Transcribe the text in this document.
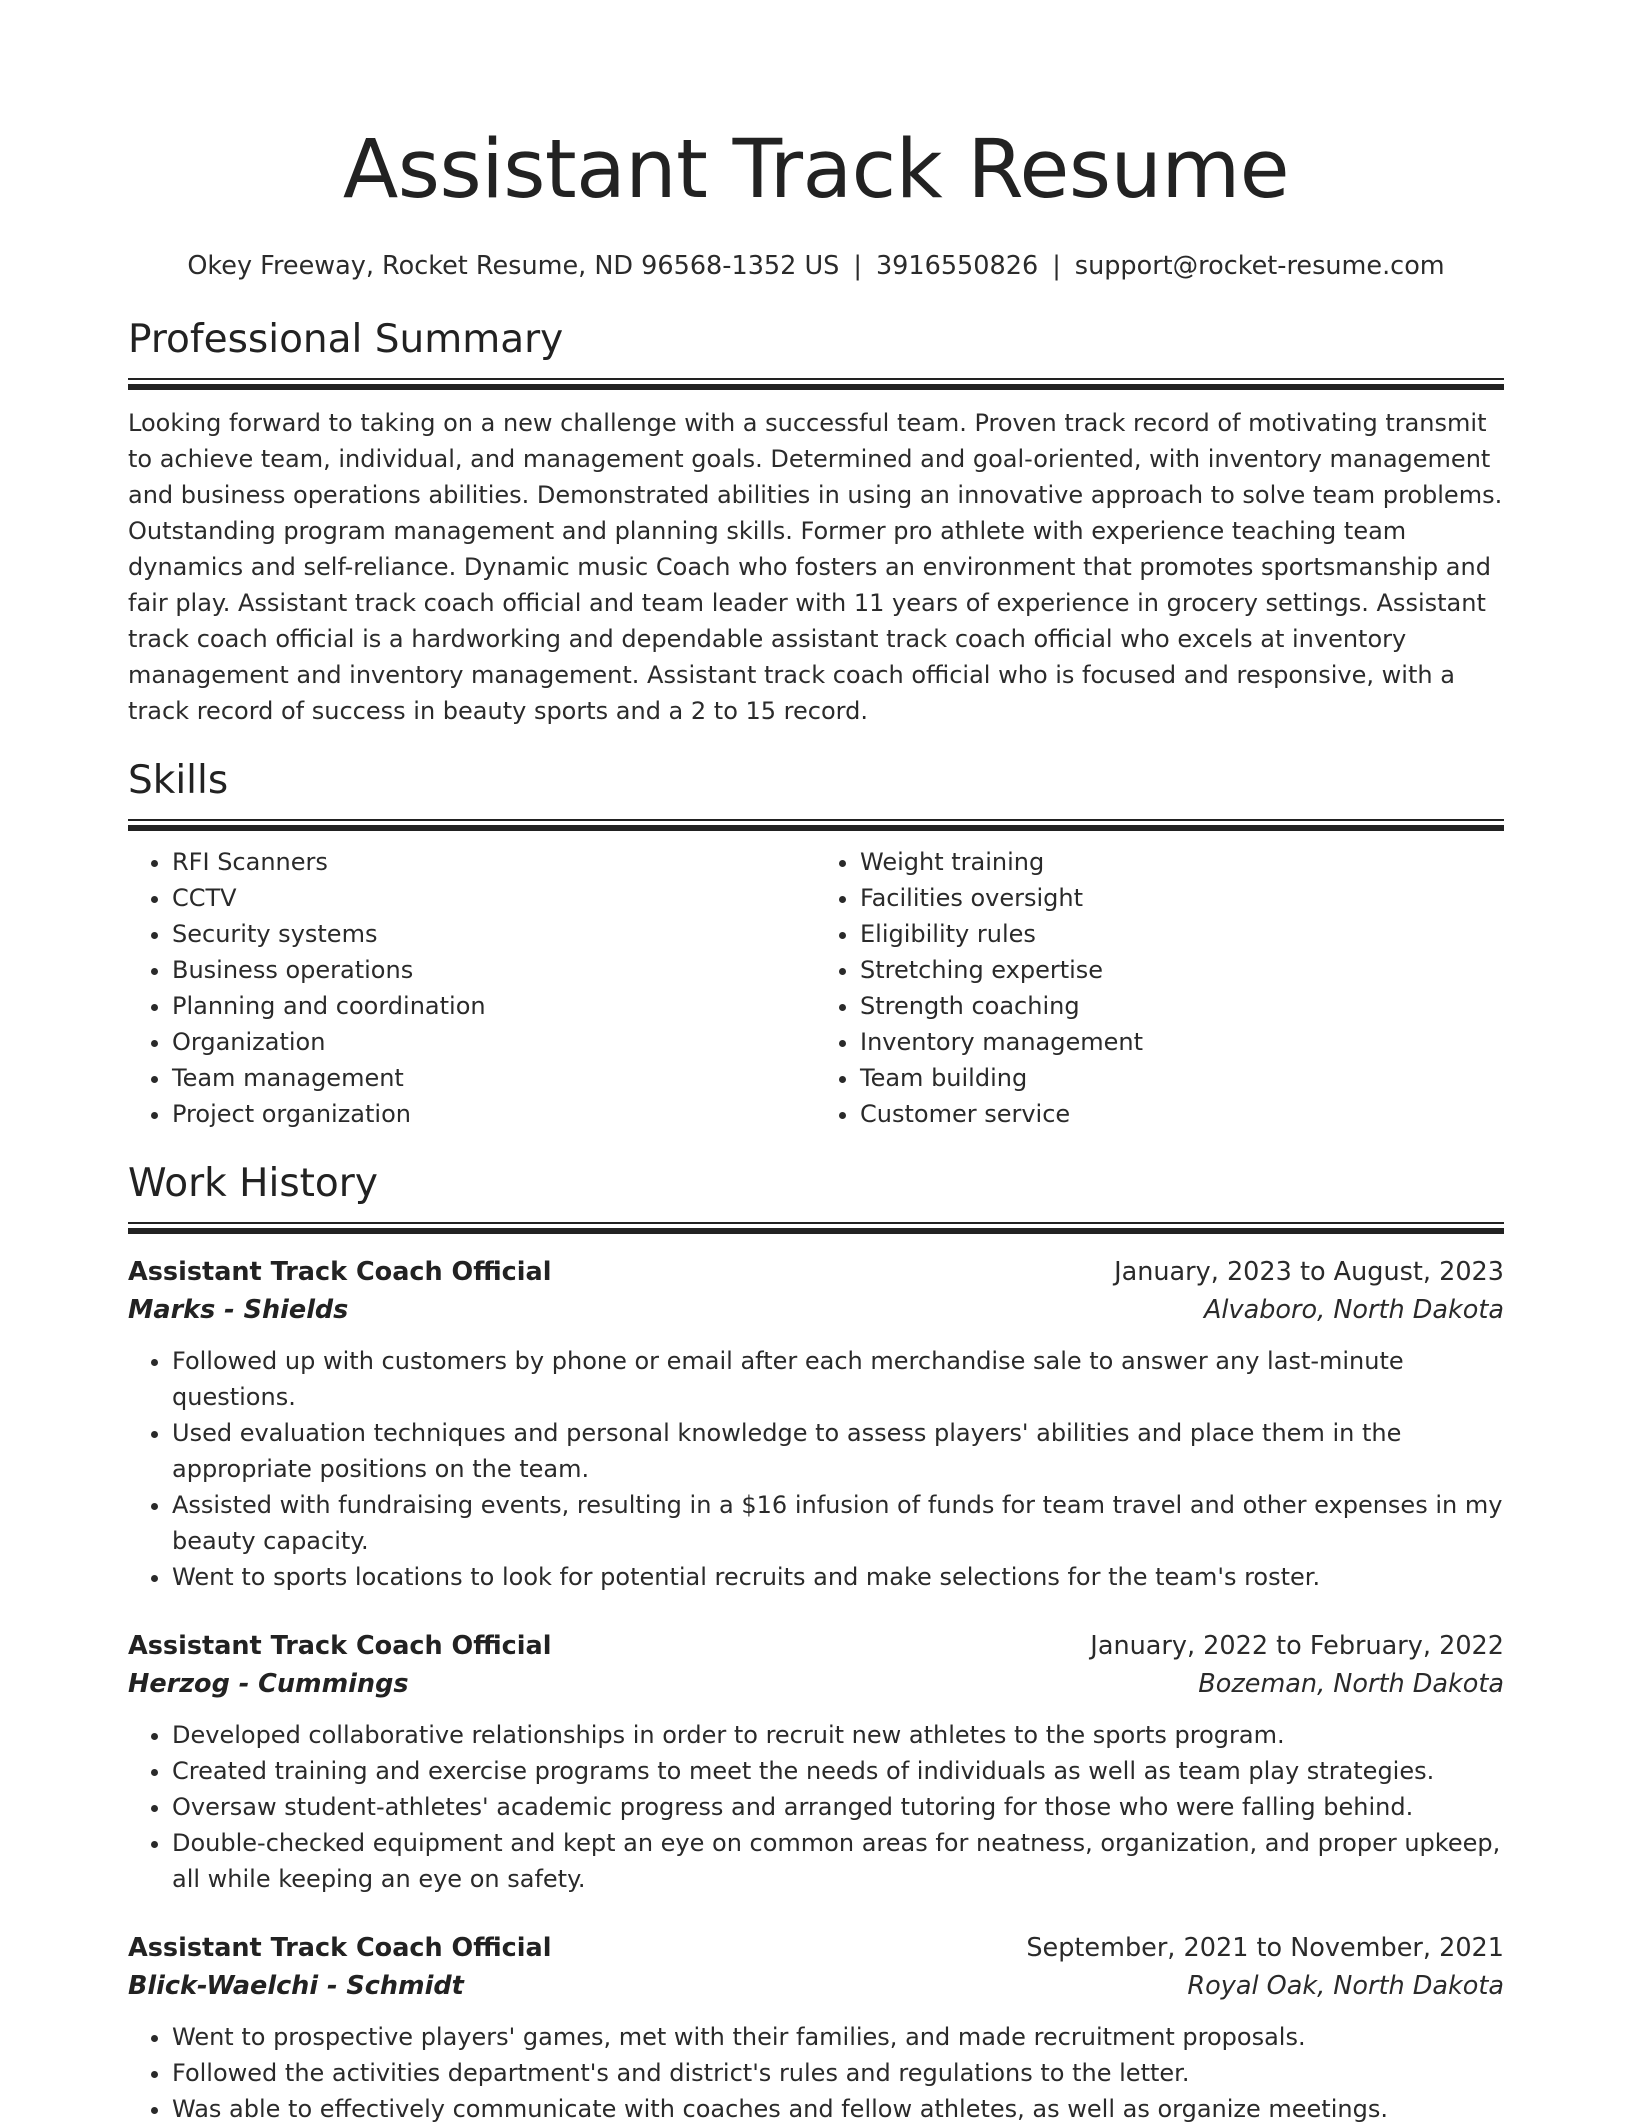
Assistant Track Resume
Okey Freeway, Rocket Resume, ND 96568-1352 US | 3916550826 | support@rocket-resume.com
Professional Summary

Looking forward to taking on a new challenge with a successful team. Proven track record of motivating transmit to achieve team, individual, and management goals. Determined and goal-oriented, with inventory management and business operations abilities. Demonstrated abilities in using an innovative approach to solve team problems. Outstanding program management and planning skills. Former pro athlete with experience teaching team dynamics and self-reliance. Dynamic music Coach who fosters an environment that promotes sportsmanship and fair play. Assistant track coach official and team leader with 11 years of experience in grocery settings. Assistant track coach official is a hardworking and dependable assistant track coach official who excels at inventory management and inventory management. Assistant track coach official who is focused and responsive, with a track record of success in beauty sports and a 2 to 15 record.

Skills
• RFI Scanners
• CCTV
• Security systems
• Business operations
• Planning and coordination
• Organization
• Team management
• Project organization
• Weight training
• Facilities oversight
• Eligibility rules
• Stretching expertise
• Strength coaching
• Inventory management
• Team building
• Customer service
Work History
Assistant Track Coach Official	January, 2023 to August, 2023
Marks - Shields	Alvaboro, North Dakota
• Followed up with customers by phone or email after each merchandise sale to answer any last-minute questions.
• Used evaluation techniques and personal knowledge to assess players' abilities and place them in the appropriate positions on the team.
• Assisted with fundraising events, resulting in a $16 infusion of funds for team travel and other expenses in my beauty capacity.
• Went to sports locations to look for potential recruits and make selections for the team's roster.
Assistant Track Coach Official	January, 2022 to February, 2022
Herzog - Cummings	Bozeman, North Dakota
• Developed collaborative relationships in order to recruit new athletes to the sports program.
• Created training and exercise programs to meet the needs of individuals as well as team play strategies.
• Oversaw student-athletes' academic progress and arranged tutoring for those who were falling behind.
• Double-checked equipment and kept an eye on common areas for neatness, organization, and proper upkeep, all while keeping an eye on safety.
Assistant Track Coach Official	September, 2021 to November, 2021
Blick-Waelchi - Schmidt	Royal Oak, North Dakota
• Went to prospective players' games, met with their families, and made recruitment proposals.
• Followed the activities department's and district's rules and regulations to the letter.
• Was able to effectively communicate with coaches and fellow athletes, as well as organize meetings.
